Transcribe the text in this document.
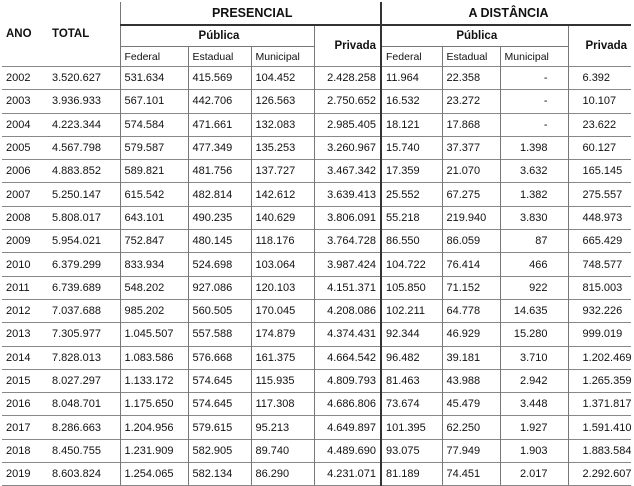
ANO	TOTAL	PRESENCIAL				A DISTÂNCIA			
		Pública			Privada	Pública			Privada
		Federal	Estadual	Municipal		Federal	Estadual	Municipal	
2002	3.520.627	531.634	415.569	104.452	2.428.258	11.964	22.358	-	6.392
2003	3.936.933	567.101	442.706	126.563	2.750.652	16.532	23.272	-	10.107
2004	4.223.344	574.584	471.661	132.083	2.985.405	18.121	17.868	-	23.622
2005	4.567.798	579.587	477.349	135.253	3.260.967	15.740	37.377	1.398	60.127
2006	4.883.852	589.821	481.756	137.727	3.467.342	17.359	21.070	3.632	165.145
2007	5.250.147	615.542	482.814	142.612	3.639.413	25.552	67.275	1.382	275.557
2008	5.808.017	643.101	490.235	140.629	3.806.091	55.218	219.940	3.830	448.973
2009	5.954.021	752.847	480.145	118.176	3.764.728	86.550	86.059	87	665.429
2010	6.379.299	833.934	524.698	103.064	3.987.424	104.722	76.414	466	748.577
2011	6.739.689	548.202	927.086	120.103	4.151.371	105.850	71.152	922	815.003
2012	7.037.688	985.202	560.505	170.045	4.208.086	102.211	64.778	14.635	932.226
2013	7.305.977	1.045.507	557.588	174.879	4.374.431	92.344	46.929	15.280	999.019
2014	7.828.013	1.083.586	576.668	161.375	4.664.542	96.482	39.181	3.710	1.202.469
2015	8.027.297	1.133.172	574.645	115.935	4.809.793	81.463	43.988	2.942	1.265.359
2016	8.048.701	1.175.650	574.645	117.308	4.686.806	73.674	45.479	3.448	1.371.817
2017	8.286.663	1.204.956	579.615	95.213	4.649.897	101.395	62.250	1.927	1.591.410
2018	8.450.755	1.231.909	582.905	89.740	4.489.690	93.075	77.949	1.903	1.883.584
2019	8.603.824	1.254.065	582.134	86.290	4.231.071	81.189	74.451	2.017	2.292.607
